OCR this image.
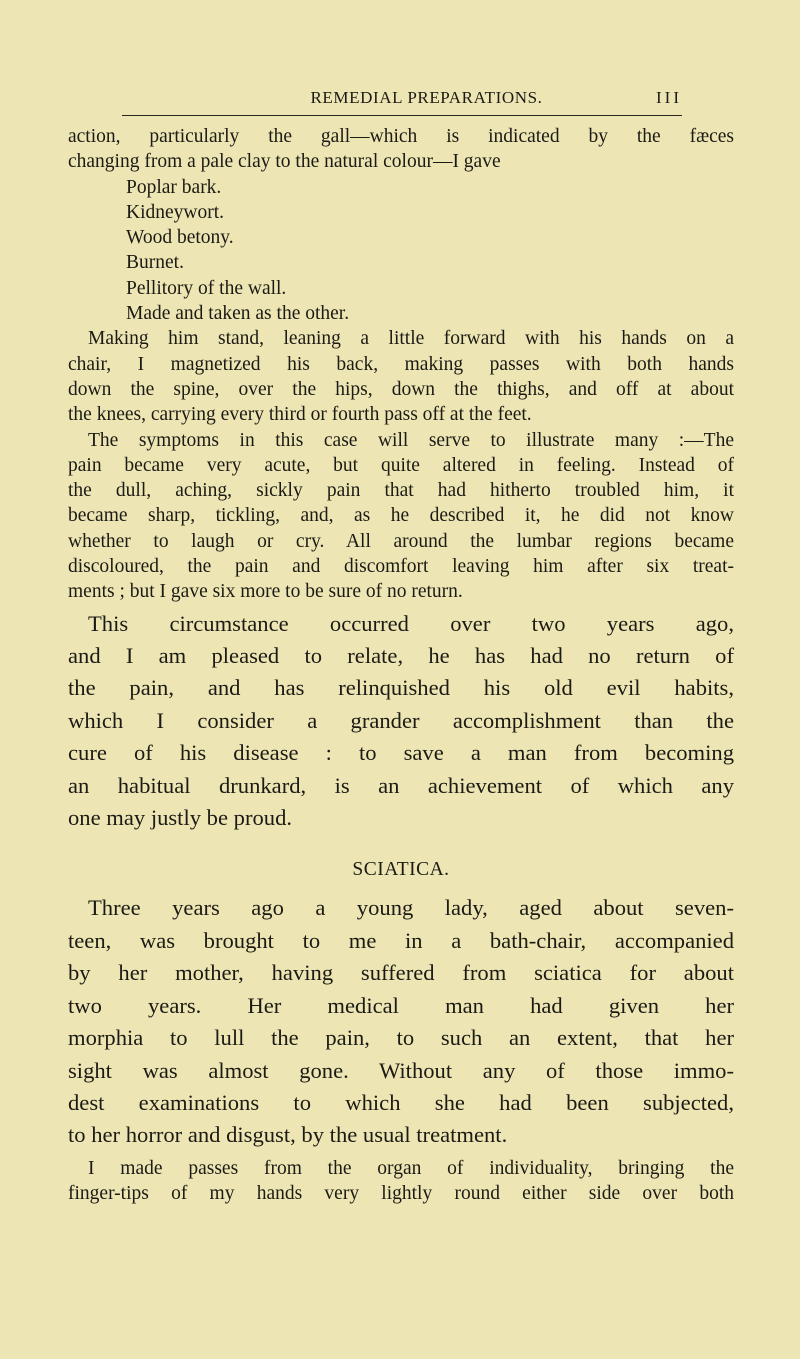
REMEDIAL PREPARATIONS.	III
action, particularly the gall—which is indicated by the fæces
changing from a pale clay to the natural colour—I gave
Poplar bark.
Kidneywort.
Wood betony.
Burnet.
Pellitory of the wall.
Made and taken as the other.
Making him stand, leaning a little forward with his hands on a
chair, I magnetized his back, making passes with both hands
down the spine, over the hips, down the thighs, and off at about
the knees, carrying every third or fourth pass off at the feet.
The symptoms in this case will serve to illustrate many :—The
pain became very acute, but quite altered in feeling. Instead of
the dull, aching, sickly pain that had hitherto troubled him, it
became sharp, tickling, and, as he described it, he did not know
whether to laugh or cry. All around the lumbar regions became
discoloured, the pain and discomfort leaving him after six treat-
ments ; but I gave six more to be sure of no return.
This circumstance occurred over two years ago,
and I am pleased to relate, he has had no return of
the pain, and has relinquished his old evil habits,
which I consider a grander accomplishment than the
cure of his disease : to save a man from becoming
an habitual drunkard, is an achievement of which any
one may justly be proud.
SCIATICA.
Three years ago a young lady, aged about seven-
teen, was brought to me in a bath-chair, accompanied
by her mother, having suffered from sciatica for about
two years. Her medical man had given her
morphia to lull the pain, to such an extent, that her
sight was almost gone. Without any of those immo-
dest examinations to which she had been subjected,
to her horror and disgust, by the usual treatment.
I made passes from the organ of individuality, bringing the
finger-tips of my hands very lightly round either side over both
